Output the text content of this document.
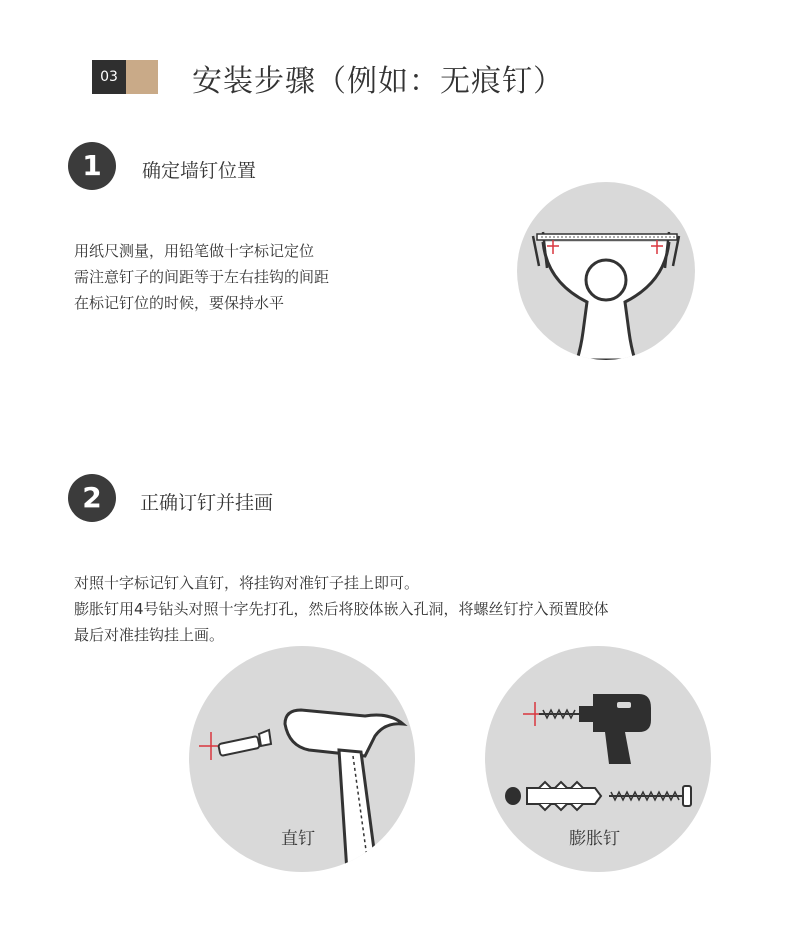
03 安装步骤（例如：无痕钉）
1	确定墙钉位置
用纸尺测量，用铅笔做十字标记定位
需注意钉子的间距等于左右挂钩的间距
在标记钉位的时候，要保持水平
2	正确订钉并挂画
对照十字标记钉入直钉，将挂钩对准钉子挂上即可。
膨胀钉用4号钻头对照十字先打孔，然后将胶体嵌入孔洞，将螺丝钉拧入预置胶体
最后对准挂钩挂上画。
直钉	膨胀钉
